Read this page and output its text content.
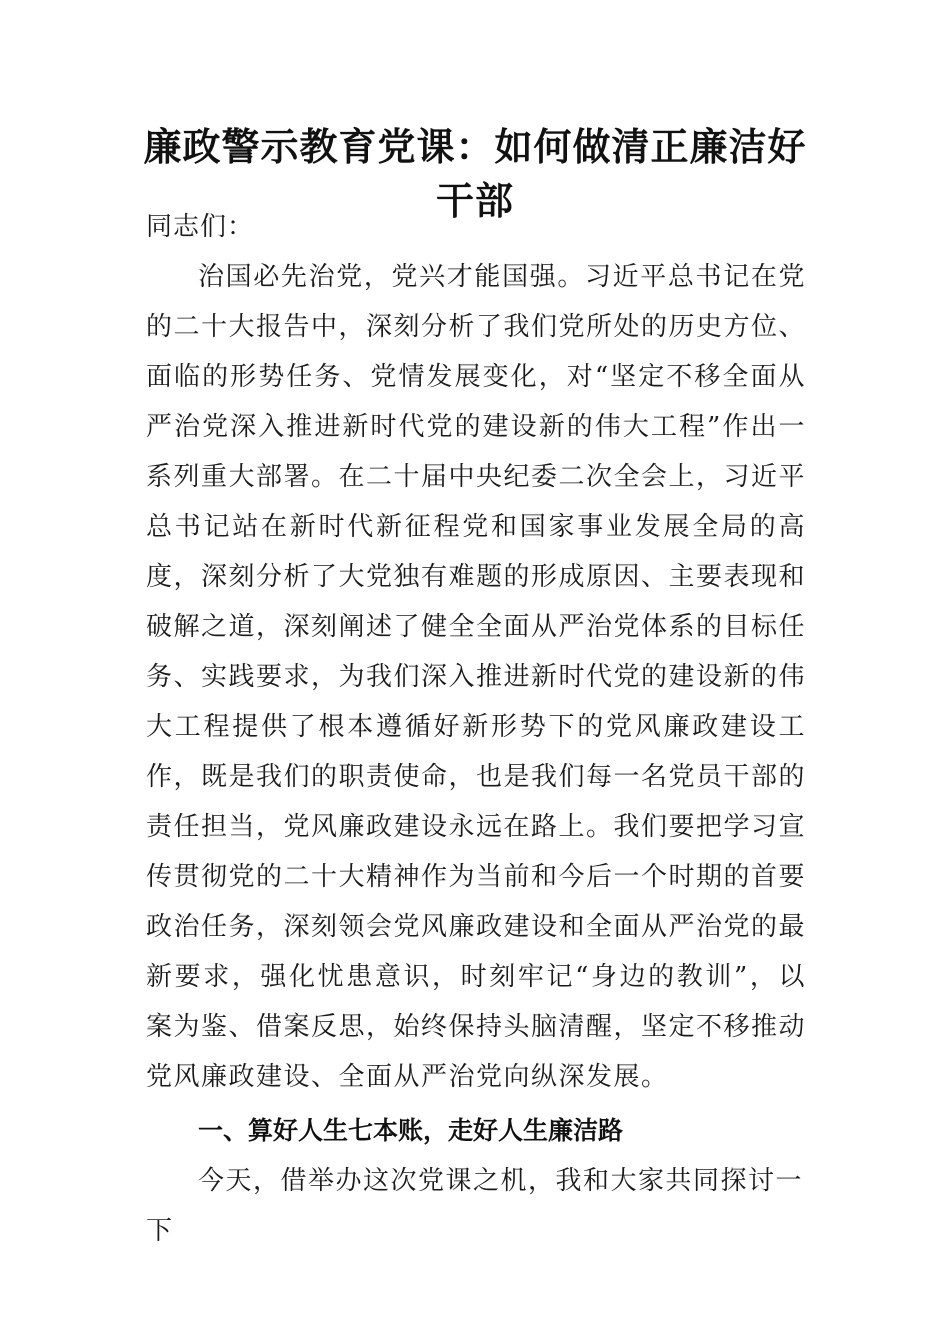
廉政警示教育党课：如何做清正廉洁好干部

同志们：

治国必先治党，党兴才能国强。习近平总书记在党的二十大报告中，深刻分析了我们党所处的历史方位、面临的形势任务、党情发展变化，对“坚定不移全面从严治党深入推进新时代党的建设新的伟大工程”作出一系列重大部署。在二十届中央纪委二次全会上，习近平总书记站在新时代新征程党和国家事业发展全局的高度，深刻分析了大党独有难题的形成原因、主要表现和破解之道，深刻阐述了健全全面从严治党体系的目标任务、实践要求，为我们深入推进新时代党的建设新的伟大工程提供了根本遵循好新形势下的党风廉政建设工作，既是我们的职责使命，也是我们每一名党员干部的责任担当，党风廉政建设永远在路上。我们要把学习宣传贯彻党的二十大精神作为当前和今后一个时期的首要政治任务，深刻领会党风廉政建设和全面从严治党的最新要求，强化忧患意识，时刻牢记“身边的教训”，以案为鉴、借案反思，始终保持头脑清醒，坚定不移推动党风廉政建设、全面从严治党向纵深发展。

一、算好人生七本账，走好人生廉洁路

今天，借举办这次党课之机，我和大家共同探讨一下
